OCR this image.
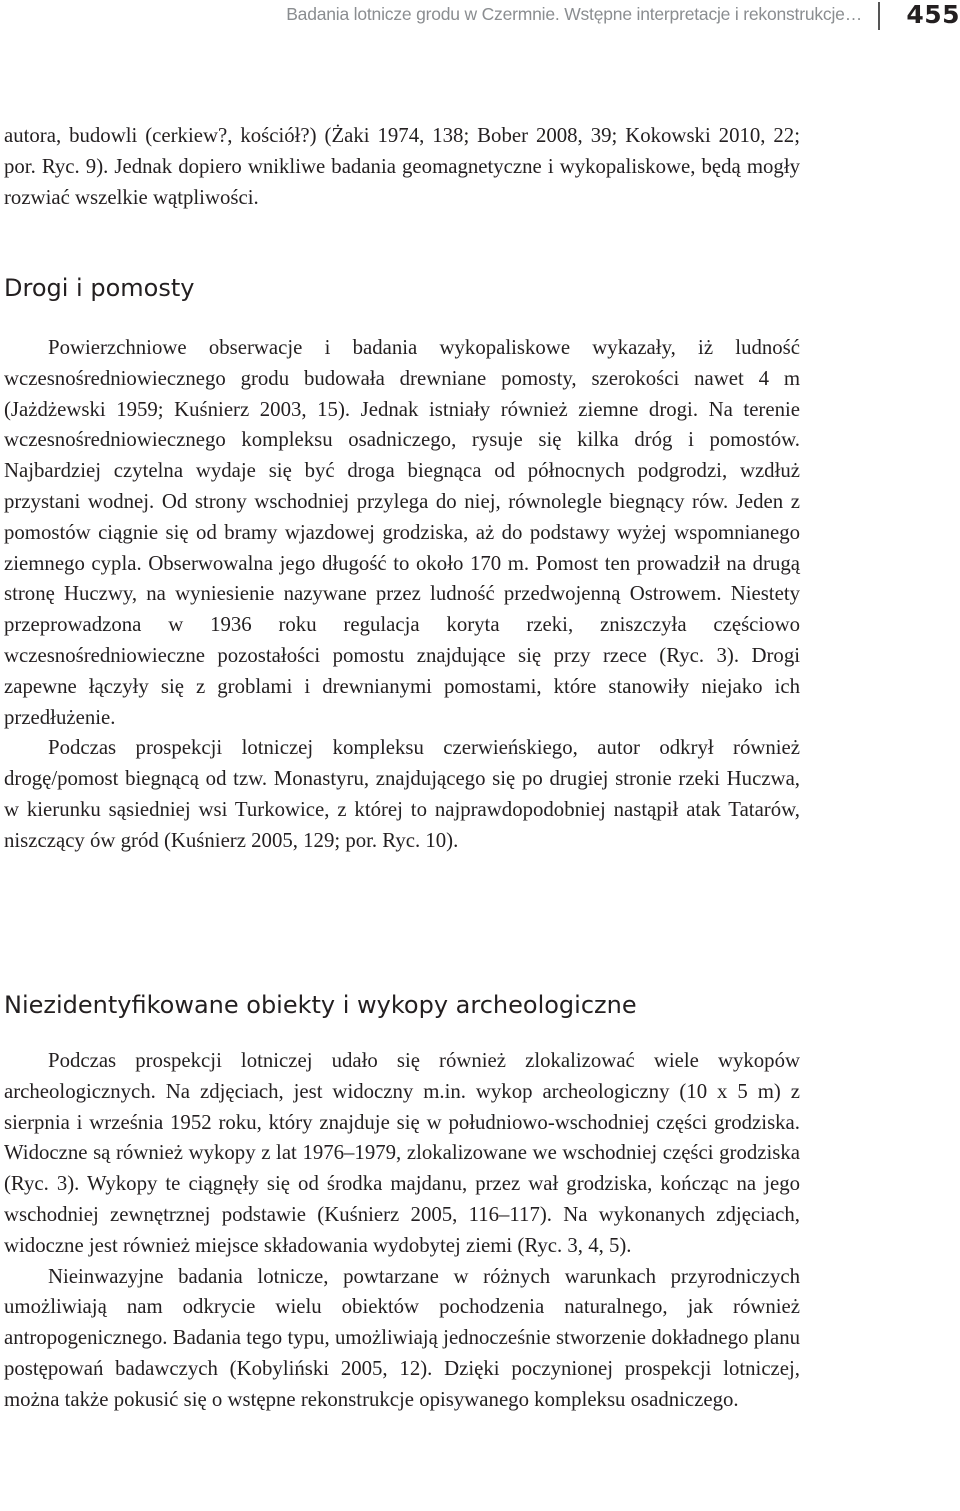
Badania lotnicze grodu w Czermnie. Wstępne interpretacje i rekonstrukcje… 455

autora, budowli (cerkiew?, kościół?) (Żaki 1974, 138; Bober 2008, 39; Kokowski 2010, 22; por. Ryc. 9). Jednak dopiero wnikliwe badania geomagnetyczne i wykopaliskowe, będą mogły rozwiać wszelkie wątpliwości.

Drogi i pomosty

Powierzchniowe obserwacje i badania wykopaliskowe wykazały, iż ludność wczesnośredniowiecznego grodu budowała drewniane pomosty, szerokości nawet 4 m (Jażdżewski 1959; Kuśnierz 2003, 15). Jednak istniały również ziemne drogi. Na terenie wczesnośredniowiecznego kompleksu osadniczego, rysuje się kilka dróg i pomostów. Najbardziej czytelna wydaje się być droga biegnąca od północnych podgrodzi, wzdłuż przystani wodnej. Od strony wschodniej przylega do niej, równolegle biegnący rów. Jeden z pomostów ciągnie się od bramy wjazdowej grodziska, aż do podstawy wyżej wspomnianego ziemnego cypla. Obserwowalna jego długość to około 170 m. Pomost ten prowadził na drugą stronę Huczwy, na wyniesienie nazywane przez ludność przedwojenną Ostrowem. Niestety przeprowadzona w 1936 roku regulacja koryta rzeki, zniszczyła częściowo wczesnośredniowieczne pozostałości pomostu znajdujące się przy rzece (Ryc. 3). Drogi zapewne łączyły się z groblami i drewnianymi pomostami, które stanowiły niejako ich przedłużenie.

Podczas prospekcji lotniczej kompleksu czerwieńskiego, autor odkrył również drogę/pomost biegnącą od tzw. Monastyru, znajdującego się po drugiej stronie rzeki Huczwa, w kierunku sąsiedniej wsi Turkowice, z której to najprawdopodobniej nastąpił atak Tatarów, niszczący ów gród (Kuśnierz 2005, 129; por. Ryc. 10).

Niezidentyfikowane obiekty i wykopy archeologiczne

Podczas prospekcji lotniczej udało się również zlokalizować wiele wykopów archeologicznych. Na zdjęciach, jest widoczny m.in. wykop archeologiczny (10 x 5 m) z sierpnia i września 1952 roku, który znajduje się w południowo-wschodniej części grodziska. Widoczne są również wykopy z lat 1976–1979, zlokalizowane we wschodniej części grodziska (Ryc. 3). Wykopy te ciągnęły się od środka majdanu, przez wał grodziska, kończąc na jego wschodniej zewnętrznej podstawie (Kuśnierz 2005, 116–117). Na wykonanych zdjęciach, widoczne jest również miejsce składowania wydobytej ziemi (Ryc. 3, 4, 5).

Nieinwazyjne badania lotnicze, powtarzane w różnych warunkach przyrodniczych umożliwiają nam odkrycie wielu obiektów pochodzenia naturalnego, jak również antropogenicznego. Badania tego typu, umożliwiają jednocześnie stworzenie dokładnego planu postępowań badawczych (Kobyliński 2005, 12). Dzięki poczynionej prospekcji lotniczej, można także pokusić się o wstępne rekonstrukcje opisywanego kompleksu osadniczego.
